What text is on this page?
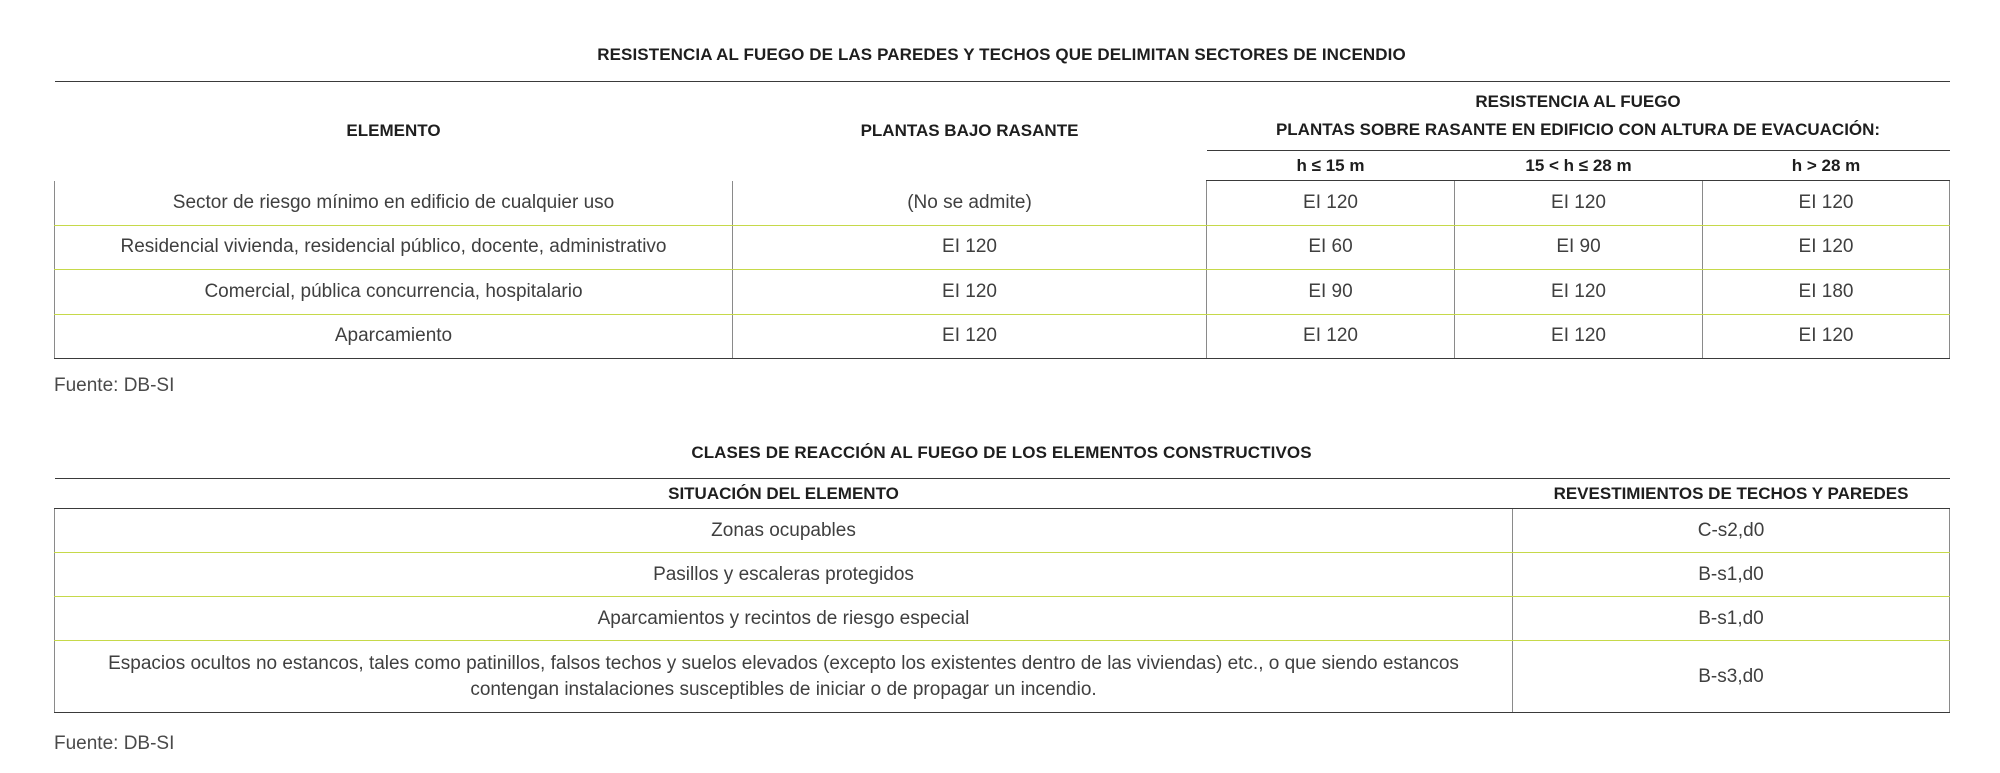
RESISTENCIA AL FUEGO DE LAS PAREDES Y TECHOS QUE DELIMITAN SECTORES DE INCENDIO
ELEMENTO	PLANTAS BAJO RASANTE	RESISTENCIA AL FUEGO
PLANTAS SOBRE RASANTE EN EDIFICIO CON ALTURA DE EVACUACIÓN:		

		h ≤ 15 m	15 < h ≤ 28 m	h > 28 m
Sector de riesgo mínimo en edificio de cualquier uso	(No se admite)	EI 120	EI 120	EI 120
Residencial vivienda, residencial público, docente, administrativo	EI 120	EI 60	EI 90	EI 120
Comercial, pública concurrencia, hospitalario	EI 120	EI 90	EI 120	EI 180
Aparcamiento	EI 120	EI 120	EI 120	EI 120
Fuente: DB-SI
CLASES DE REACCIÓN AL FUEGO DE LOS ELEMENTOS CONSTRUCTIVOS
SITUACIÓN DEL ELEMENTO	REVESTIMIENTOS DE TECHOS Y PAREDES
Zonas ocupables	C-s2,d0
Pasillos y escaleras protegidos	B-s1,d0
Aparcamientos y recintos de riesgo especial	B-s1,d0
Espacios ocultos no estancos, tales como patinillos, falsos techos y suelos elevados (excepto los existentes dentro de las viviendas) etc., o que siendo estancos contengan instalaciones susceptibles de iniciar o de propagar un incendio.	B-s3,d0
Fuente: DB-SI
